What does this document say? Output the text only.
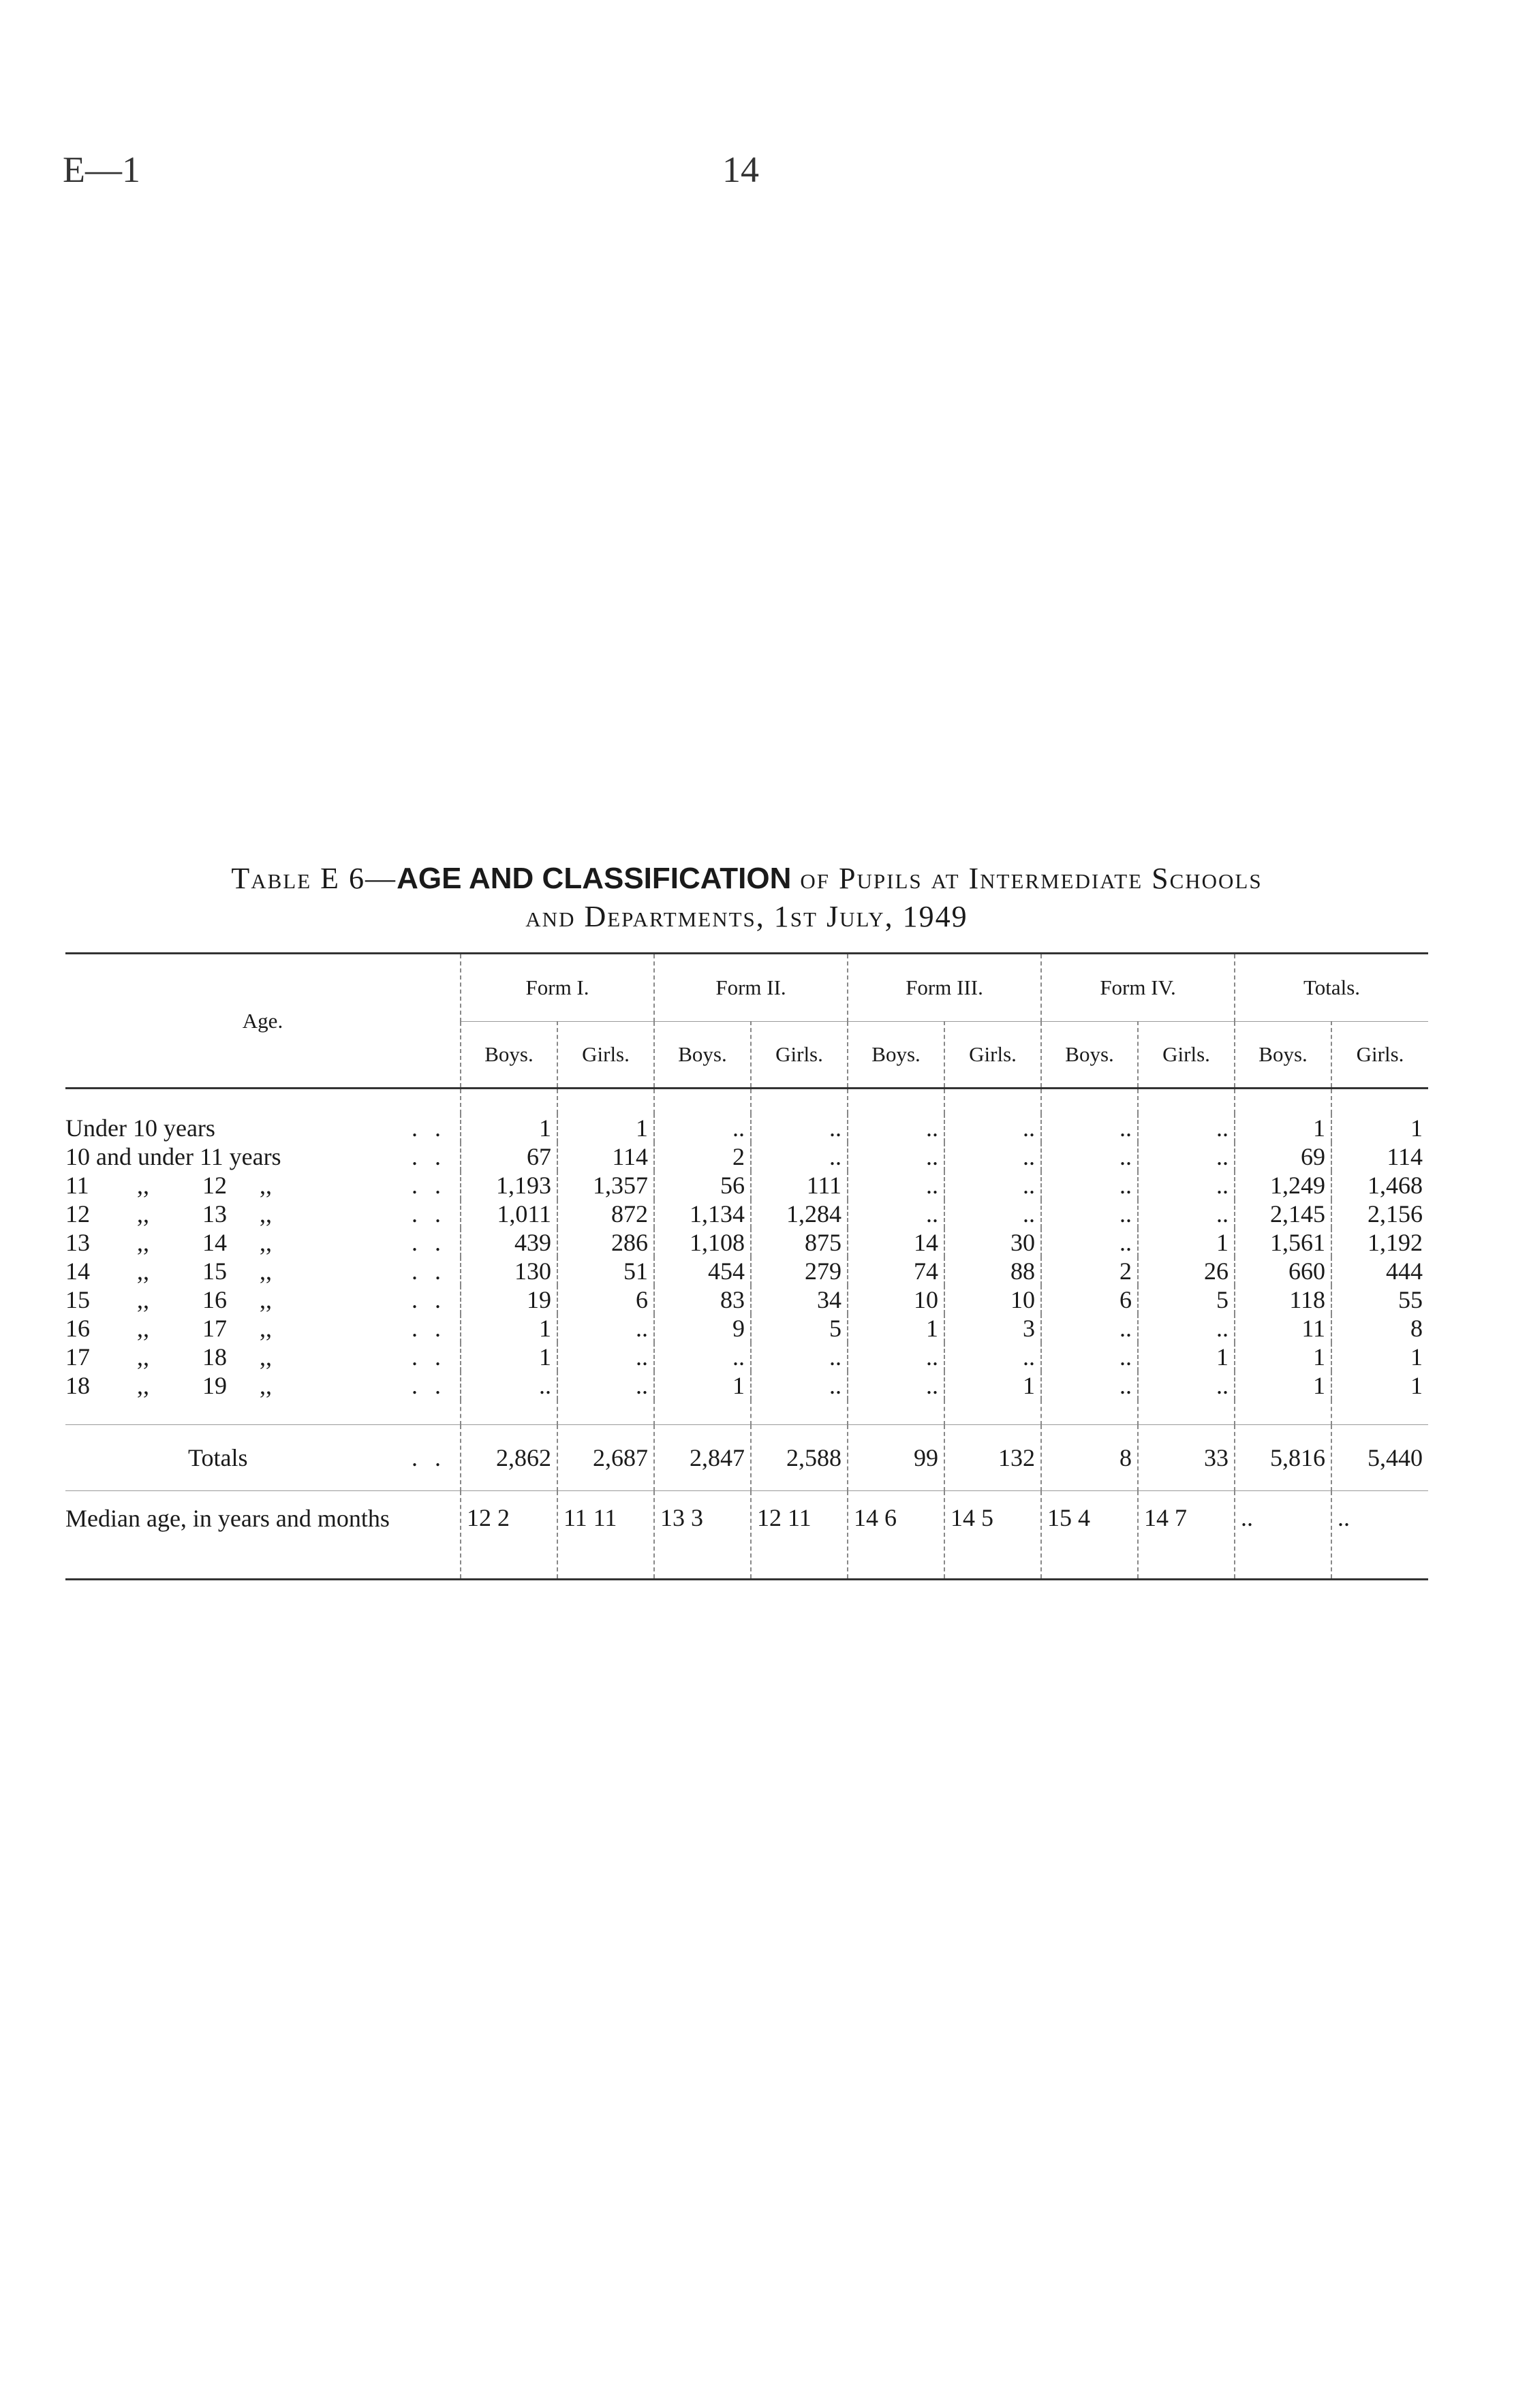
E—1	14
Table E 6—AGE AND CLASSIFICATION of Pupils at Intermediate Schools
and Departments, 1st July, 1949
Age.	Form I.		Form II.		Form III.		Form IV.		Totals.	
	Boys.	Girls.	Boys.	Girls.	Boys.	Girls.	Boys.	Girls.	Boys.	Girls.

Under 10 years . .	1	1	..	..	..	..	..	..	1	1
10 and under 11 years . .	67	114	2	..	..	..	..	..	69	114
11 ,, 12 ,, . .	1,193	1,357	56	111	..	..	..	..	1,249	1,468
12 ,, 13 ,, . .	1,011	872	1,134	1,284	..	..	..	..	2,145	2,156
13 ,, 14 ,, . .	439	286	1,108	875	14	30	..	1	1,561	1,192
14 ,, 15 ,, . .	130	51	454	279	74	88	2	26	660	444
15 ,, 16 ,, . .	19	6	83	34	10	10	6	5	118	55
16 ,, 17 ,, . .	1	..	9	5	1	3	..	..	11	8
17 ,, 18 ,, . .	1	..	..	..	..	..	..	1	1	1
18 ,, 19 ,, . .	..	..	1	..	..	1	..	..	1	1

Totals . .	2,862	2,687	2,847	2,588	99	132	8	33	5,816	5,440
Median age, in years and months	12 2	11 11	13 3	12 11	14 6	14 5	15 4	14 7	..	..
